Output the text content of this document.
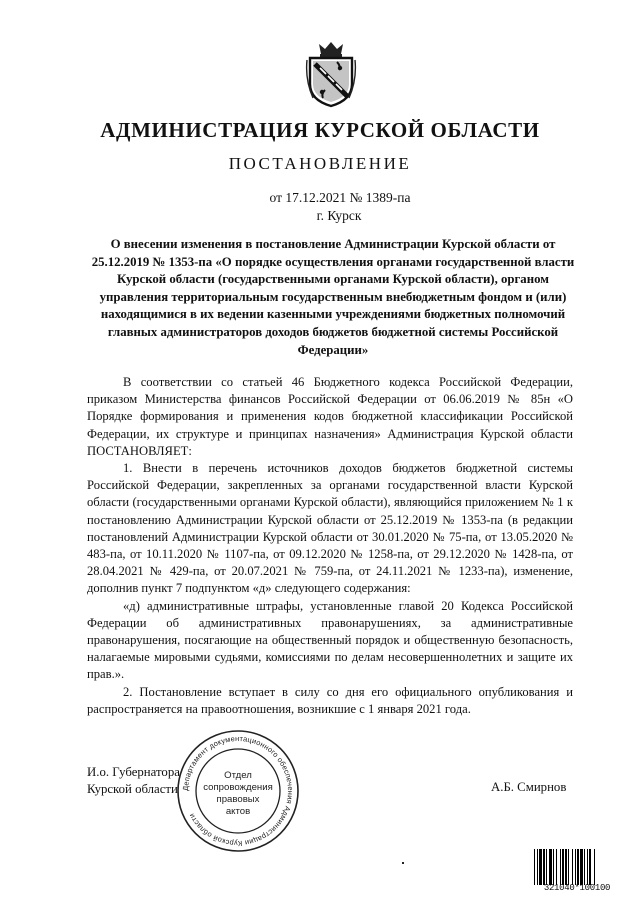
АДМИНИСТРАЦИЯ КУРСКОЙ ОБЛАСТИ
ПОСТАНОВЛЕНИЕ
от 17.12.2021 № 1389-па
г. Курск
О внесении изменения в постановление Администрации Курской области от 25.12.2019 № 1353-па «О порядке осуществления органами государственной власти Курской области (государственными органами Курской области), органом управления территориальным государственным внебюджетным фондом и (или) находящимися в их ведении казенными учреждениями бюджетных полномочий главных администраторов доходов бюджетов бюджетной системы Российской Федерации»

В соответствии со статьей 46 Бюджетного кодекса Российской Федерации, приказом Министерства финансов Российской Федерации от 06.06.2019 № 85н «О Порядке формирования и применения кодов бюджетной классификации Российской Федерации, их структуре и принципах назначения» Администрация Курской области ПОСТАНОВЛЯЕТ:

1. Внести в перечень источников доходов бюджетов бюджетной системы Российской Федерации, закрепленных за органами государственной власти Курской области (государственными органами Курской области), являющийся приложением № 1 к постановлению Администрации Курской области от 25.12.2019 № 1353-па (в редакции постановлений Администрации Курской области от 30.01.2020 № 75-па, от 13.05.2020 № 483-па, от 10.11.2020 № 1107-па, от 09.12.2020 № 1258-па, от 29.12.2020 № 1428-па, от 28.04.2021 № 429-па, от 20.07.2021 № 759-па, от 24.11.2021 № 1233-па), изменение, дополнив пункт 7 подпунктом «д» следующего содержания:

«д) административные штрафы, установленные главой 20 Кодекса Российской Федерации об административных правонарушениях, за административные правонарушения, посягающие на общественный порядок и общественную безопасность, налагаемые мировыми судьями, комиссиями по делам несовершеннолетних и защите их прав.».

2. Постановление вступает в силу со дня его официального опубликования и распространяется на правоотношения, возникшие с 1 января 2021 года.

И.о. Губернатора
Курской области	А.Б. Смирнов
Департамент документационного обеспечения Администрации Курской области
Отдел
сопровождения
правовых
актов
321040*100100
